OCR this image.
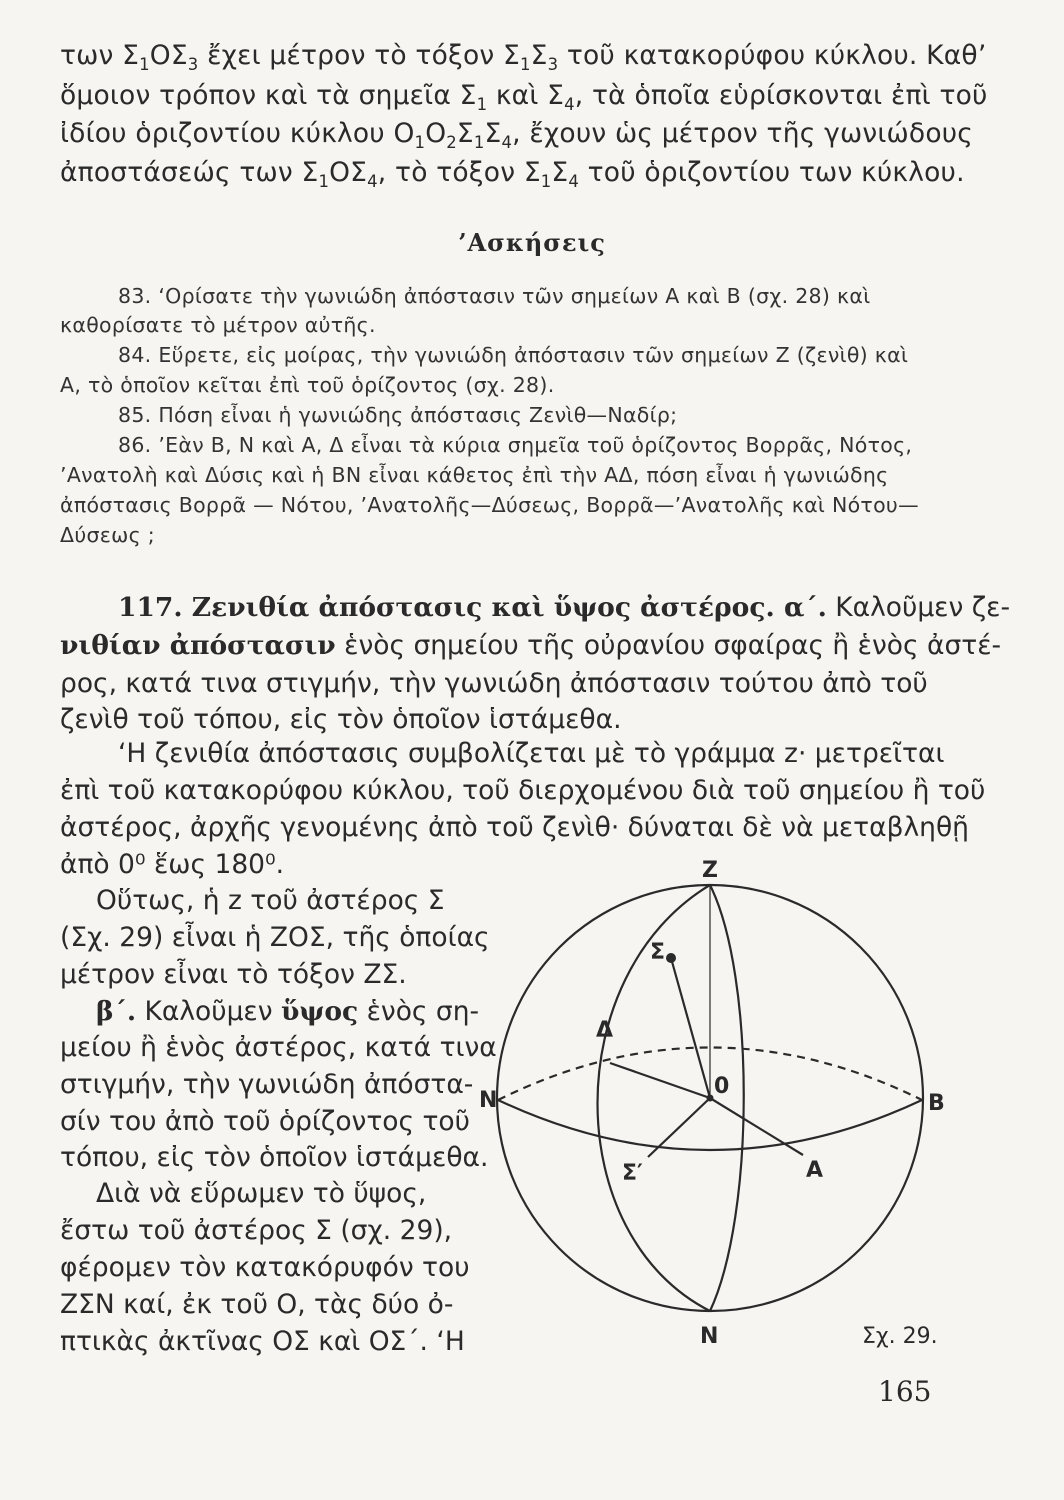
των $\Sigma_1O\Sigma_3$ ἔχει μέτρον τὸ τόξον $\Sigma_1\Sigma_3$ τοῦ κατακορύφου κύκλου. Καθ’
ὅμοιον τρόπον καὶ τὰ σημεῖα $\Sigma_1$ καὶ $\Sigma_4$, τὰ ὁποῖα εὑρίσκονται ἐπὶ τοῦ
ἰδίου ὁριζοντίου κύκλου $O_1O_2\Sigma_1\Sigma_4$, ἔχουν ὡς μέτρον τῆς γωνιώδους
ἀποστάσεώς των $\Sigma_1O\Sigma_4$, τὸ τόξον $\Sigma_1\Sigma_4$ τοῦ ὁριζοντίου των κύκλου.
’Ασκήσεις
83. ‘Ορίσατε τὴν γωνιώδη ἀπόστασιν τῶν σημείων Α καὶ Β (σχ. 28) καὶ
καθορίσατε τὸ μέτρον αὐτῆς.
84. Εὕρετε, εἰς μοίρας, τὴν γωνιώδη ἀπόστασιν τῶν σημείων Ζ (ζενὶθ) καὶ
Α, τὸ ὁποῖον κεῖται ἐπὶ τοῦ ὁρίζοντος (σχ. 28).
85. Πόση εἶναι ἡ γωνιώδης ἀπόστασις Ζενὶθ—Ναδίρ;
86. ’Εὰν Β, Ν καὶ Α, Δ εἶναι τὰ κύρια σημεῖα τοῦ ὁρίζοντος Βορρᾶς, Νότος,
’Ανατολὴ καὶ Δύσις καὶ ἡ ΒΝ εἶναι κάθετος ἐπὶ τὴν ΑΔ, πόση εἶναι ἡ γωνιώδης
ἀπόστασις Βορρᾶ — Νότου, ’Ανατολῆς—Δύσεως, Βορρᾶ—’Ανατολῆς καὶ Νότου—
Δύσεως ;
117. Ζενιθία ἀπόστασις καὶ ὕψος ἀστέρος. α΄. Καλοῦμεν ζε-
νιθίαν ἀπόστασιν ἑνὸς σημείου τῆς οὐρανίου σφαίρας ἢ ἑνὸς ἀστέ-
ρος, κατά τινα στιγμήν, τὴν γωνιώδη ἀπόστασιν τούτου ἀπὸ τοῦ
ζενὶθ τοῦ τόπου, εἰς τὸν ὁποῖον ἱστάμεθα.
‘Η ζενιθία ἀπόστασις συμβολίζεται μὲ τὸ γράμμα z· μετρεῖται
ἐπὶ τοῦ κατακορύφου κύκλου, τοῦ διερχομένου διὰ τοῦ σημείου ἢ τοῦ
ἀστέρος, ἀρχῆς γενομένης ἀπὸ τοῦ ζενὶθ· δύναται δὲ νὰ μεταβληθῇ
ἀπὸ 0⁰ ἕως 180⁰.
Οὕτως, ἡ z τοῦ ἀστέρος Σ
(Σχ. 29) εἶναι ἡ ΖΟΣ, τῆς ὁποίας
μέτρον εἶναι τὸ τόξον ΖΣ.
β΄. Καλοῦμεν ὕψος ἑνὸς ση-
μείου ἢ ἑνὸς ἀστέρος, κατά τινα
στιγμήν, τὴν γωνιώδη ἀπόστα-
σίν του ἀπὸ τοῦ ὁρίζοντος τοῦ
τόπου, εἰς τὸν ὁποῖον ἱστάμεθα.
Διὰ νὰ εὕρωμεν τὸ ὕψος,
ἔστω τοῦ ἀστέρος Σ (σχ. 29),
φέρομεν τὸν κατακόρυφόν του
ΖΣΝ καί, ἐκ τοῦ Ο, τὰς δύο ὀ-
πτικὰς ἀκτῖνας ΟΣ καὶ ΟΣ΄. ‘Η
Z
Σ
Δ
0
N	B
Σ′	Α
N	Σχ. 29.
165
